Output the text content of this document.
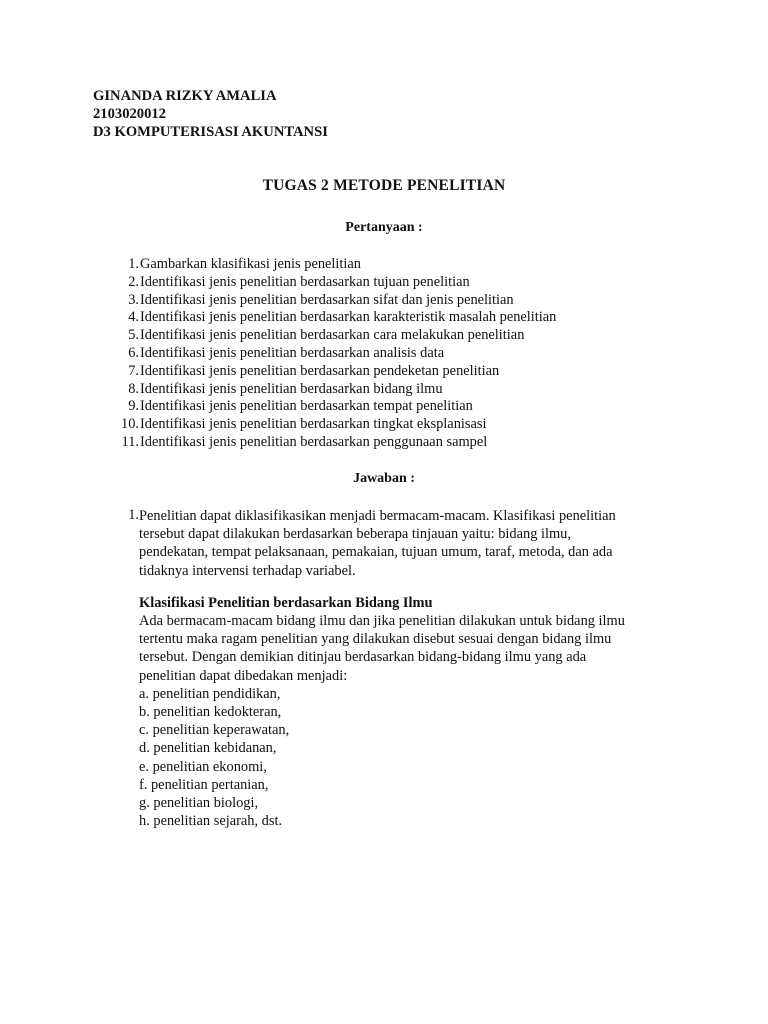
GINANDA RIZKY AMALIA
2103020012
D3 KOMPUTERISASI AKUNTANSI
TUGAS 2 METODE PENELITIAN
Pertanyaan :
1. Gambarkan klasifikasi jenis penelitian
2. Identifikasi jenis penelitian berdasarkan tujuan penelitian
3. Identifikasi jenis penelitian berdasarkan sifat dan jenis penelitian
4. Identifikasi jenis penelitian berdasarkan karakteristik masalah penelitian
5. Identifikasi jenis penelitian berdasarkan cara melakukan penelitian
6. Identifikasi jenis penelitian berdasarkan analisis data
7. Identifikasi jenis penelitian berdasarkan pendeketan penelitian
8. Identifikasi jenis penelitian berdasarkan bidang ilmu
9. Identifikasi jenis penelitian berdasarkan tempat penelitian
10. Identifikasi jenis penelitian berdasarkan tingkat eksplanisasi
11. Identifikasi jenis penelitian berdasarkan penggunaan sampel
Jawaban :
1. Penelitian dapat diklasifikasikan menjadi bermacam-macam. Klasifikasi penelitian
tersebut dapat dilakukan berdasarkan beberapa tinjauan yaitu: bidang ilmu,
pendekatan, tempat pelaksanaan, pemakaian, tujuan umum, taraf, metoda, dan ada
tidaknya intervensi terhadap variabel.
Klasifikasi Penelitian berdasarkan Bidang Ilmu
Ada bermacam-macam bidang ilmu dan jika penelitian dilakukan untuk bidang ilmu
tertentu maka ragam penelitian yang dilakukan disebut sesuai dengan bidang ilmu
tersebut. Dengan demikian ditinjau berdasarkan bidang-bidang ilmu yang ada
penelitian dapat dibedakan menjadi:
a. penelitian pendidikan,
b. penelitian kedokteran,
c. penelitian keperawatan,
d. penelitian kebidanan,
e. penelitian ekonomi,
f. penelitian pertanian,
g. penelitian biologi,
h. penelitian sejarah, dst.
